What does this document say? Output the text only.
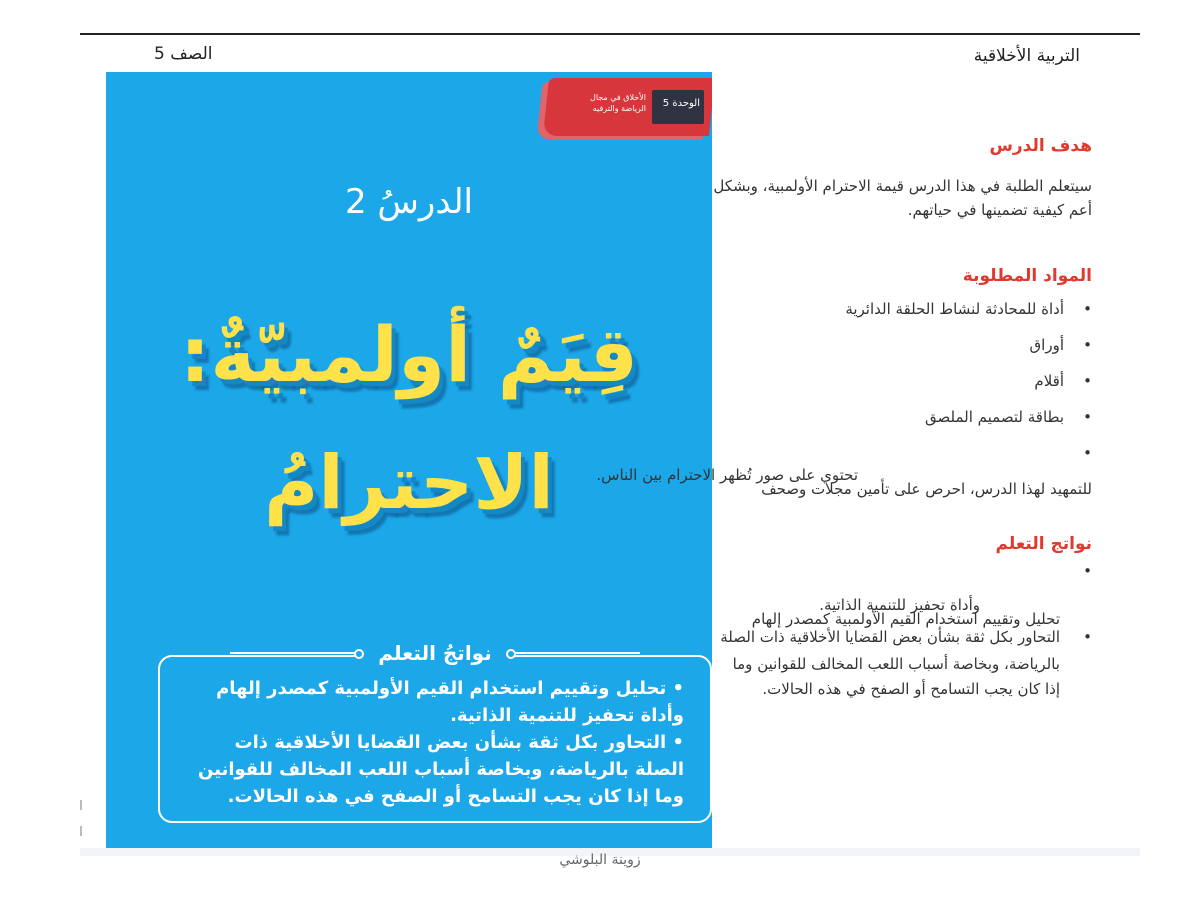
التربية الأخلاقية
الصف 5
الوحدة 5
الأخلاق في مجال الرياضة والترفيه
الدرسُ 2
قِيَمٌ أولمبيّةٌ:
الاحترامُ
نواتجُ التعلم
• تحليل وتقييم استخدام القيم الأولمبية كمصدر إلهام وأداة تحفيز للتنمية الذاتية.
• التحاور بكل ثقة بشأن بعض القضايا الأخلاقية ذات الصلة بالرياضة، وبخاصة أسباب اللعب المخالف للقوانين وما إذا كان يجب التسامح أو الصفح في هذه الحالات.
هدف الدرس
سيتعلم الطلبة في هذا الدرس قيمة الاحترام الأولمبية، وبشكل أعم كيفية تضمينها في حياتهم.
المواد المطلوبة
•
أداة للمحادثة لنشاط الحلقة الدائرية
•
أوراق
•
أقلام
•
بطاقة لتصميم الملصق
•
تحتوي على صور تُظهر الاحترام بين الناس.
للتمهيد لهذا الدرس، احرص على تأمين مجلات وصحف
نواتج التعلم
•
وأداة تحفيز للتنمية الذاتية.
تحليل وتقييم استخدام القيم الأولمبية كمصدر إلهام
•
التحاور بكل ثقة بشأن بعض القضايا الأخلاقية ذات الصلة
بالرياضة، وبخاصة أسباب اللعب المخالف للقوانين وما
إذا كان يجب التسامح أو الصفح في هذه الحالات.
زوينة البلوشي
